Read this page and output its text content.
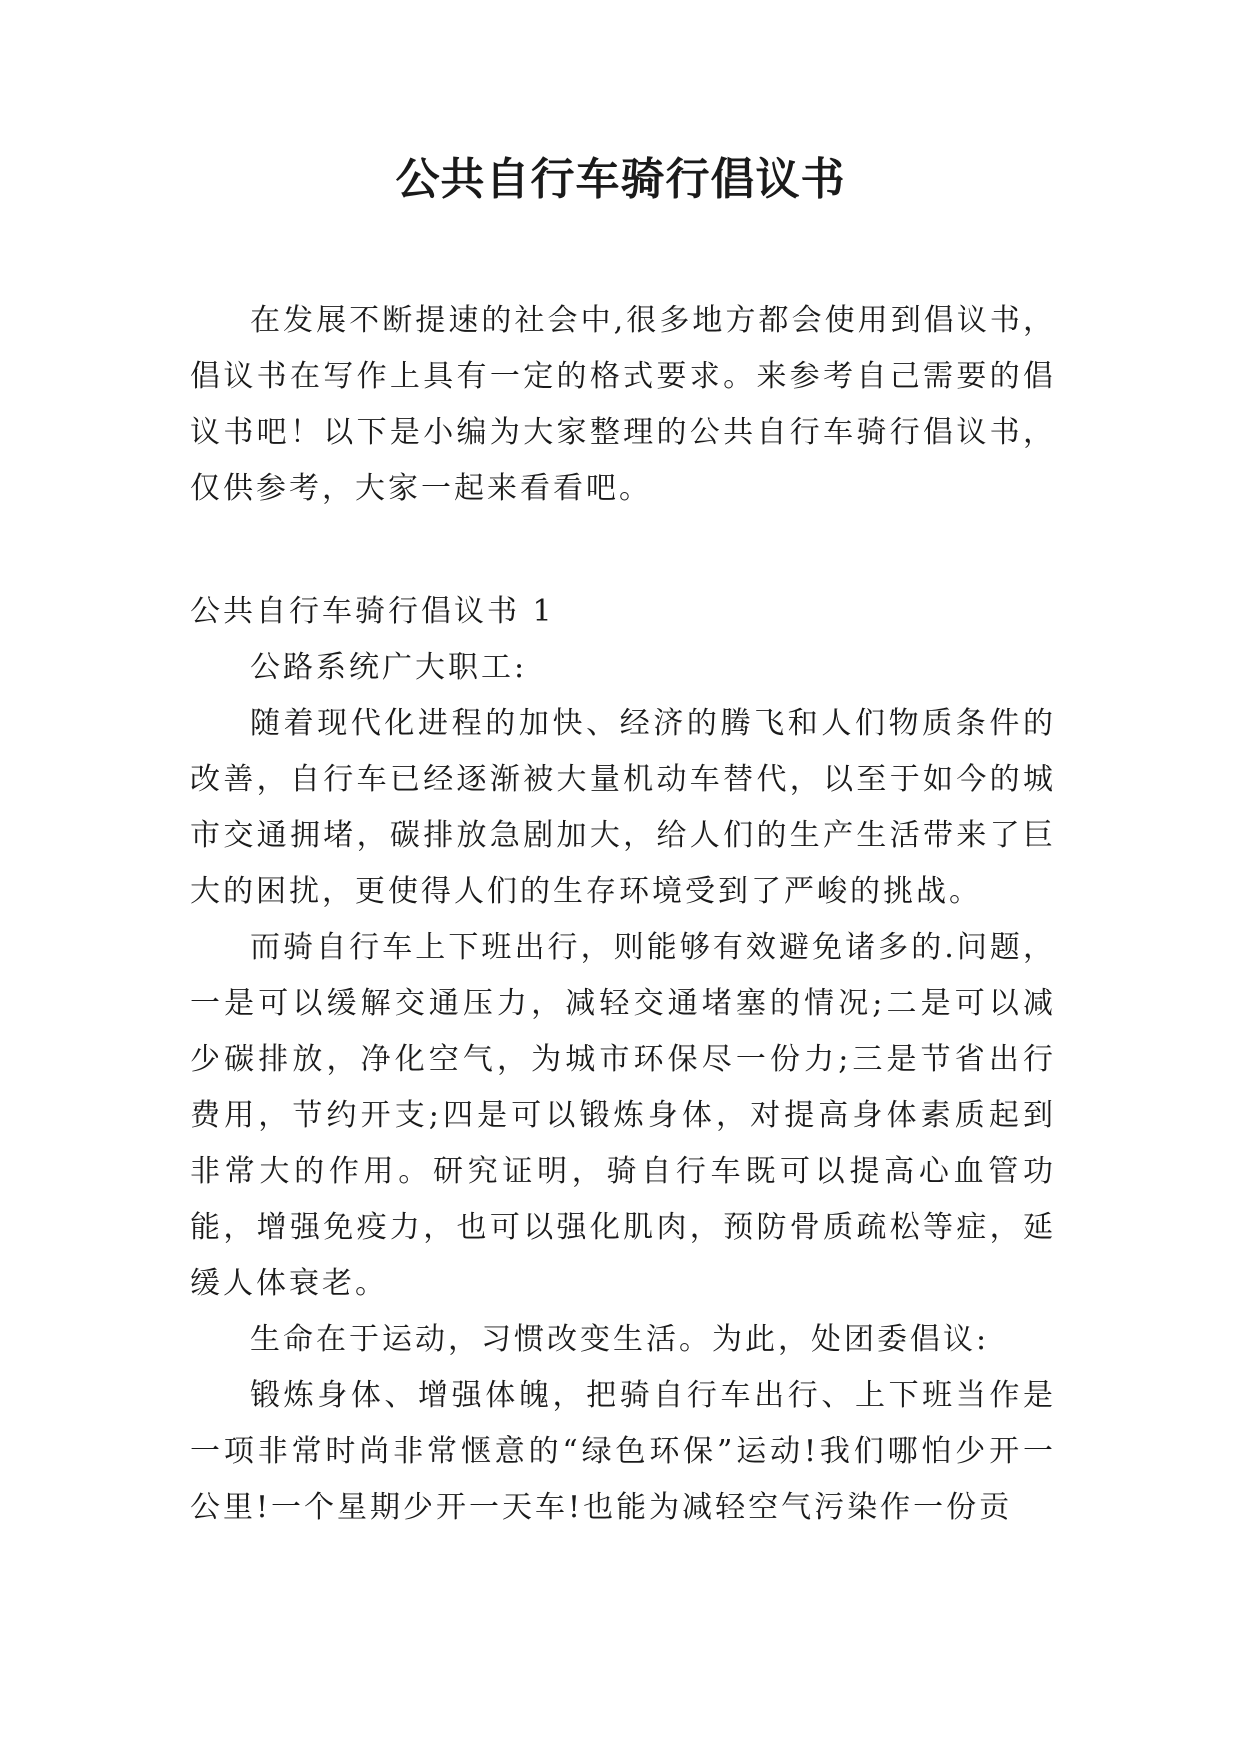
公共自行车骑行倡议书

在发展不断提速的社会中,很多地方都会使用到倡议书，倡议书在写作上具有一定的格式要求。来参考自己需要的倡议书吧！以下是小编为大家整理的公共自行车骑行倡议书，仅供参考，大家一起来看看吧。

公共自行车骑行倡议书 1

公路系统广大职工:

随着现代化进程的加快、经济的腾飞和人们物质条件的改善，自行车已经逐渐被大量机动车替代，以至于如今的城市交通拥堵，碳排放急剧加大，给人们的生产生活带来了巨大的困扰，更使得人们的生存环境受到了严峻的挑战。

而骑自行车上下班出行，则能够有效避免诸多的.问题，一是可以缓解交通压力，减轻交通堵塞的情况;二是可以减少碳排放，净化空气，为城市环保尽一份力;三是节省出行费用，节约开支;四是可以锻炼身体，对提高身体素质起到非常大的作用。研究证明，骑自行车既可以提高心血管功能，增强免疫力，也可以强化肌肉，预防骨质疏松等症，延缓人体衰老。

生命在于运动，习惯改变生活。为此，处团委倡议:

锻炼身体、增强体魄，把骑自行车出行、上下班当作是一项非常时尚非常惬意的“绿色环保”运动!我们哪怕少开一公里!一个星期少开一天车!也能为减轻空气污染作一份贡
